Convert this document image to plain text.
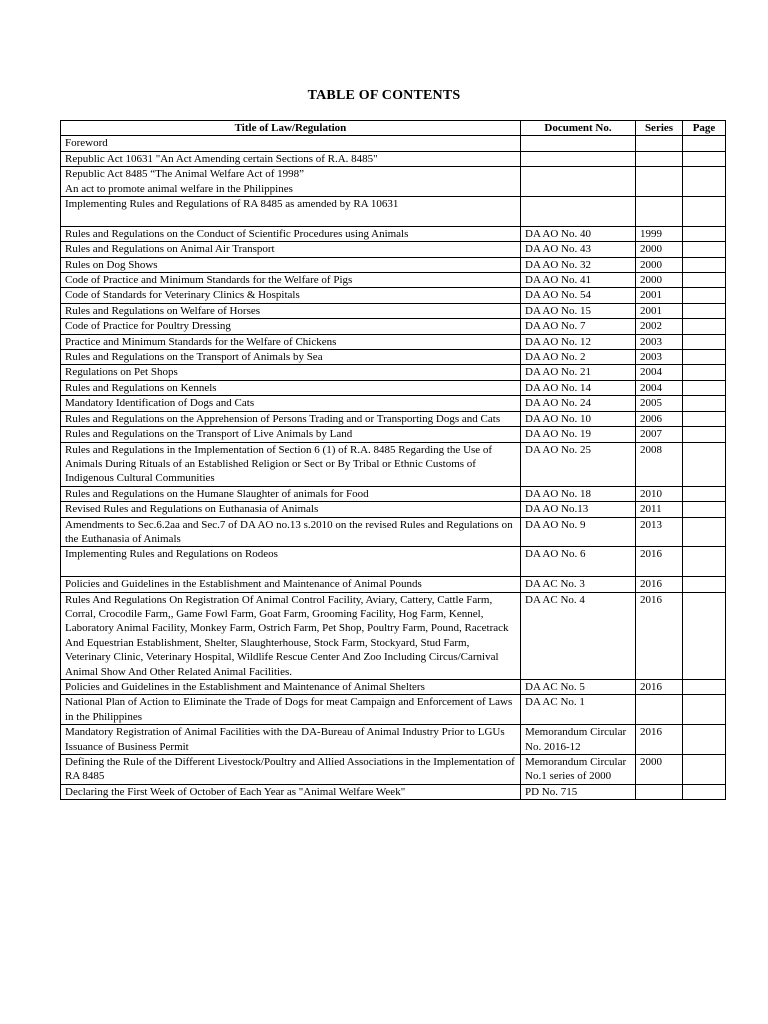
TABLE OF CONTENTS
Title of Law/Regulation	Document No.	Series	Page

Foreword			

Republic Act 10631 "An Act Amending certain Sections of R.A. 8485"			

Republic Act 8485 “The Animal Welfare Act of 1998”
An act to promote animal welfare in the Philippines			

Implementing Rules and Regulations of RA 8485 as amended by RA 10631			

Rules and Regulations on the Conduct of Scientific Procedures using Animals	DA AO No. 40	1999	

Rules and Regulations on Animal Air Transport	DA AO No. 43	2000	

Rules on Dog Shows	DA AO No. 32	2000	

Code of Practice and Minimum Standards for the Welfare of Pigs	DA AO No. 41	2000	

Code of Standards for Veterinary Clinics & Hospitals	DA AO No. 54	2001	

Rules and Regulations on Welfare of Horses	DA AO No. 15	2001	

Code of Practice for Poultry Dressing	DA AO No. 7	2002	

Practice and Minimum Standards for the Welfare of Chickens	DA AO No. 12	2003	

Rules and Regulations on the Transport of Animals by Sea	DA AO No. 2	2003	

Regulations on Pet Shops	DA AO No. 21	2004	

Rules and Regulations on Kennels	DA AO No. 14	2004	

Mandatory Identification of Dogs and Cats	DA AO No. 24	2005	

Rules and Regulations on the Apprehension of Persons Trading and or Transporting Dogs and Cats	DA AO No. 10	2006	

Rules and Regulations on the Transport of Live Animals by Land	DA AO No. 19	2007	

Rules and Regulations in the Implementation of Section 6 (1) of R.A. 8485 Regarding the Use of Animals During Rituals of an Established Religion or Sect or By Tribal or Ethnic Customs of Indigenous Cultural Communities	DA AO No. 25	2008	

Rules and Regulations on the Humane Slaughter of animals for Food	DA AO No. 18	2010	

Revised Rules and Regulations on Euthanasia of Animals	DA AO No.13	2011	

Amendments to Sec.6.2aa and Sec.7 of DA AO no.13 s.2010 on the revised Rules and Regulations on the Euthanasia of Animals	DA AO No. 9	2013	

Implementing Rules and Regulations on Rodeos	DA AO No. 6	2016	

Policies and Guidelines in the Establishment and Maintenance of Animal Pounds	DA AC No. 3	2016	

Rules And Regulations On Registration Of Animal Control Facility, Aviary, Cattery, Cattle Farm, Corral, Crocodile Farm,, Game Fowl Farm, Goat Farm, Grooming Facility, Hog Farm, Kennel, Laboratory Animal Facility, Monkey Farm, Ostrich Farm, Pet Shop, Poultry Farm, Pound, Racetrack And Equestrian Establishment, Shelter, Slaughterhouse, Stock Farm, Stockyard, Stud Farm, Veterinary Clinic, Veterinary Hospital, Wildlife Rescue Center And Zoo Including Circus/Carnival Animal Show And Other Related Animal Facilities.	DA AC No. 4	2016	

Policies and Guidelines in the Establishment and Maintenance of Animal Shelters	DA AC No. 5	2016	

National Plan of Action to Eliminate the Trade of Dogs for meat Campaign and Enforcement of Laws in the Philippines	DA AC No. 1		

Mandatory Registration of Animal Facilities with the DA-Bureau of Animal Industry Prior to LGUs Issuance of Business Permit	Memorandum Circular No. 2016-12	2016	

Defining the Rule of the Different Livestock/Poultry and Allied Associations in the Implementation of RA 8485	Memorandum Circular No.1 series of 2000	2000	

Declaring the First Week of October of Each Year as "Animal Welfare Week"	PD No. 715		
